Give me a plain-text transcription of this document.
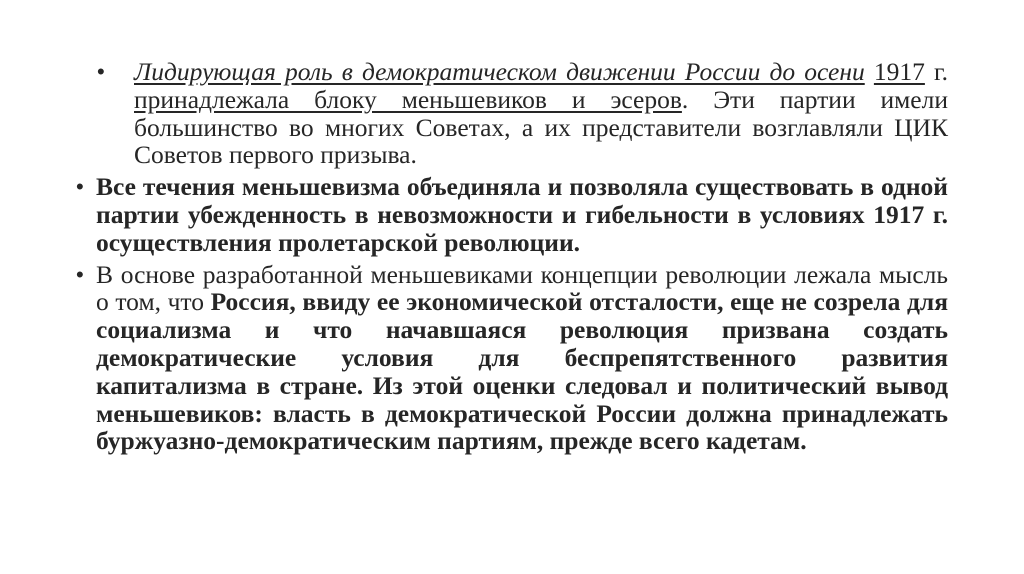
• Лидирующая роль в демократическом движении России до осени 1917 г. принадлежала блоку меньшевиков и эсеров. Эти партии имели большинство во многих Советах, а их представители возглавляли ЦИК Советов первого призыва.
• Все течения меньшевизма объединяла и позволяла существовать в одной партии убежденность в невозможности и гибельности в условиях 1917 г. осуществления пролетарской революции.
• В основе разработанной меньшевиками концепции революции лежала мысль о том, что Россия, ввиду ее экономической отсталости, еще не созрела для социализма и что начавшаяся революция призвана создать демократические условия для беспрепятственного развития капитализма в стране. Из этой оценки следовал и политический вывод меньшевиков: власть в демократической России должна принадлежать буржуазно-демократическим партиям, прежде всего кадетам.
